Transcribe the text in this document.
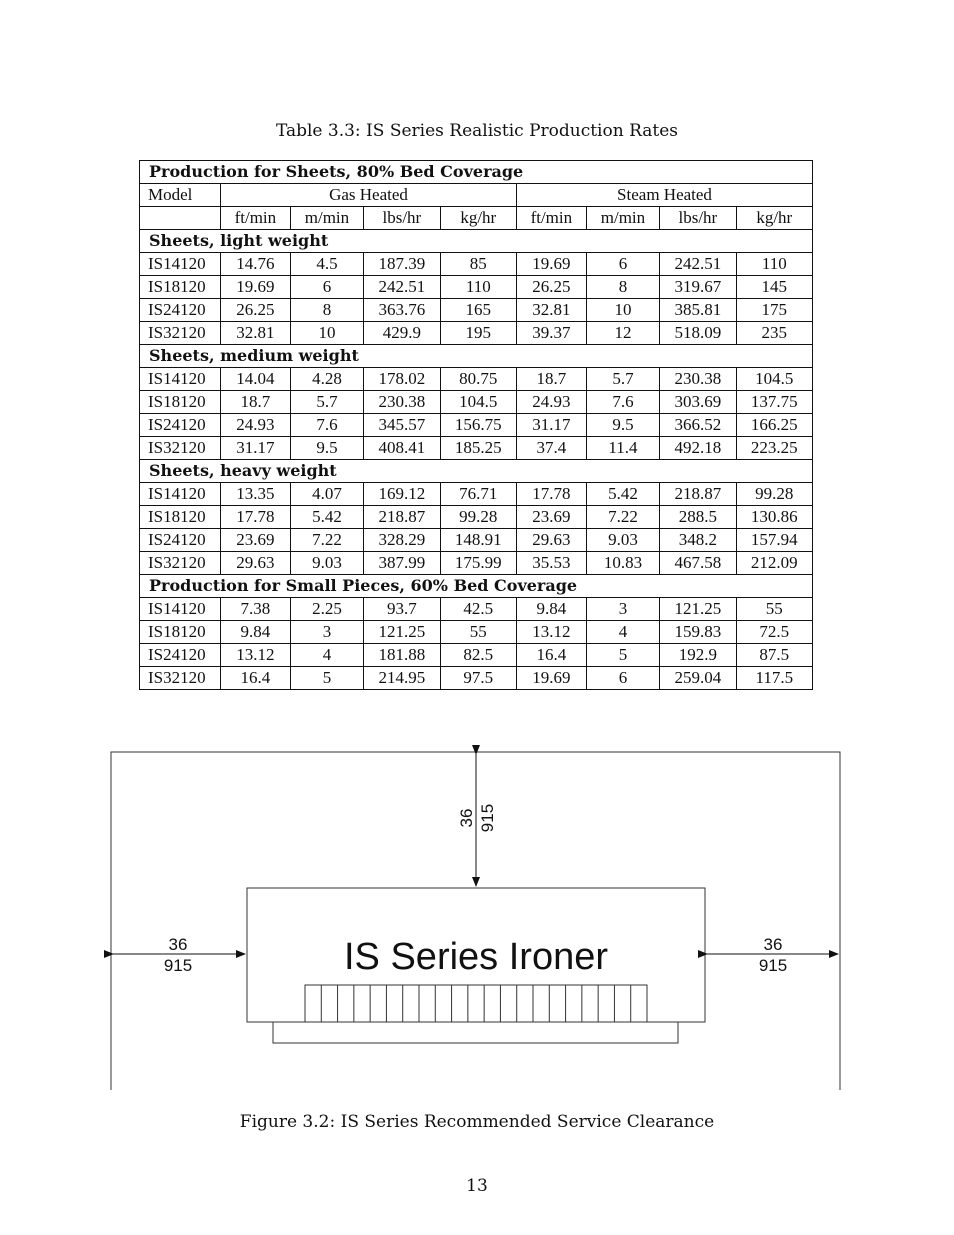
Table 3.3: IS Series Realistic Production Rates
Production for Sheets, 80% Bed Coverage								
Model	Gas Heated				Steam Heated			
	ft/min	m/min	lbs/hr	kg/hr	ft/min	m/min	lbs/hr	kg/hr
Sheets, light weight								
IS14120	14.76	4.5	187.39	85	19.69	6	242.51	110
IS18120	19.69	6	242.51	110	26.25	8	319.67	145
IS24120	26.25	8	363.76	165	32.81	10	385.81	175
IS32120	32.81	10	429.9	195	39.37	12	518.09	235
Sheets, medium weight								
IS14120	14.04	4.28	178.02	80.75	18.7	5.7	230.38	104.5
IS18120	18.7	5.7	230.38	104.5	24.93	7.6	303.69	137.75
IS24120	24.93	7.6	345.57	156.75	31.17	9.5	366.52	166.25
IS32120	31.17	9.5	408.41	185.25	37.4	11.4	492.18	223.25
Sheets, heavy weight								
IS14120	13.35	4.07	169.12	76.71	17.78	5.42	218.87	99.28
IS18120	17.78	5.42	218.87	99.28	23.69	7.22	288.5	130.86
IS24120	23.69	7.22	328.29	148.91	29.63	9.03	348.2	157.94
IS32120	29.63	9.03	387.99	175.99	35.53	10.83	467.58	212.09
Production for Small Pieces, 60% Bed Coverage								
IS14120	7.38	2.25	93.7	42.5	9.84	3	121.25	55
IS18120	9.84	3	121.25	55	13.12	4	159.83	72.5
IS24120	13.12	4	181.88	82.5	16.4	5	192.9	87.5
IS32120	16.4	5	214.95	97.5	19.69	6	259.04	117.5
IS Series Ironer
36 915
36
915
36
915
Figure 3.2: IS Series Recommended Service Clearance
13
